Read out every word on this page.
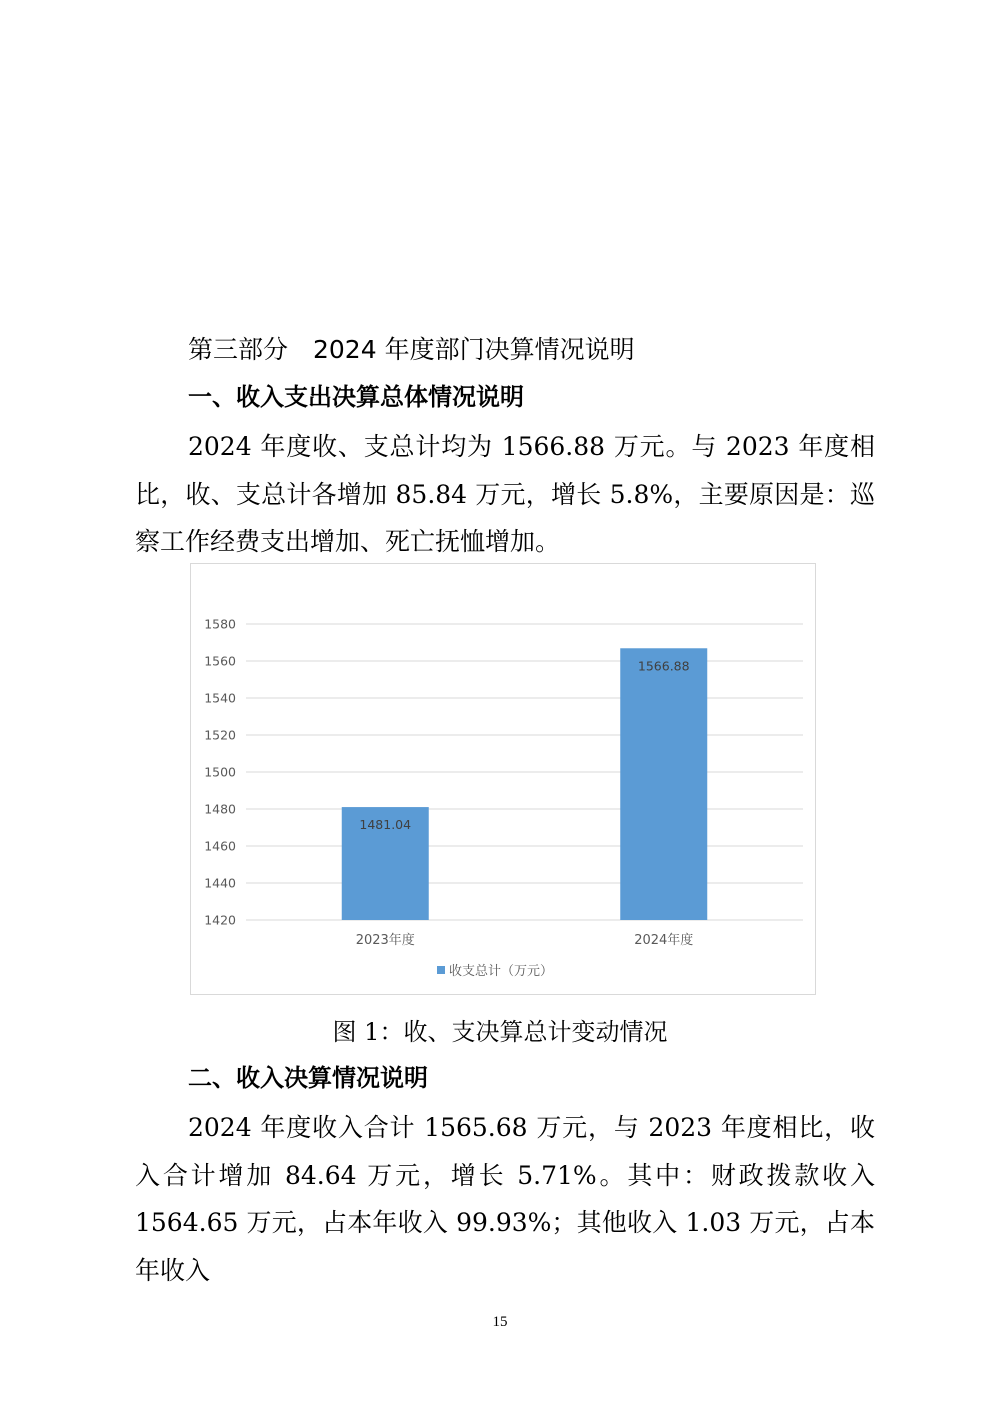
第三部分　2024 年度部门决算情况说明
一、收入支出决算总体情况说明

2024 年度收、支总计均为 1566.88 万元。与 2023 年度相比，收、支总计各增加 85.84 万元，增长 5.8%，主要原因是：巡察工作经费支出增加、死亡抚恤增加。

1420
1440
1460
1480
1500
1520
1540
1560
1580
1481.04
2023年度
1566.88
2024年度
收支总计（万元）

图 1：收、支决算总计变动情况

二、收入决算情况说明

2024 年度收入合计 1565.68 万元，与 2023 年度相比，收入合计增加 84.64 万元，增长 5.71%。其中：财政拨款收入 1564.65 万元，占本年收入 99.93%；其他收入 1.03 万元，占本年收入

15
